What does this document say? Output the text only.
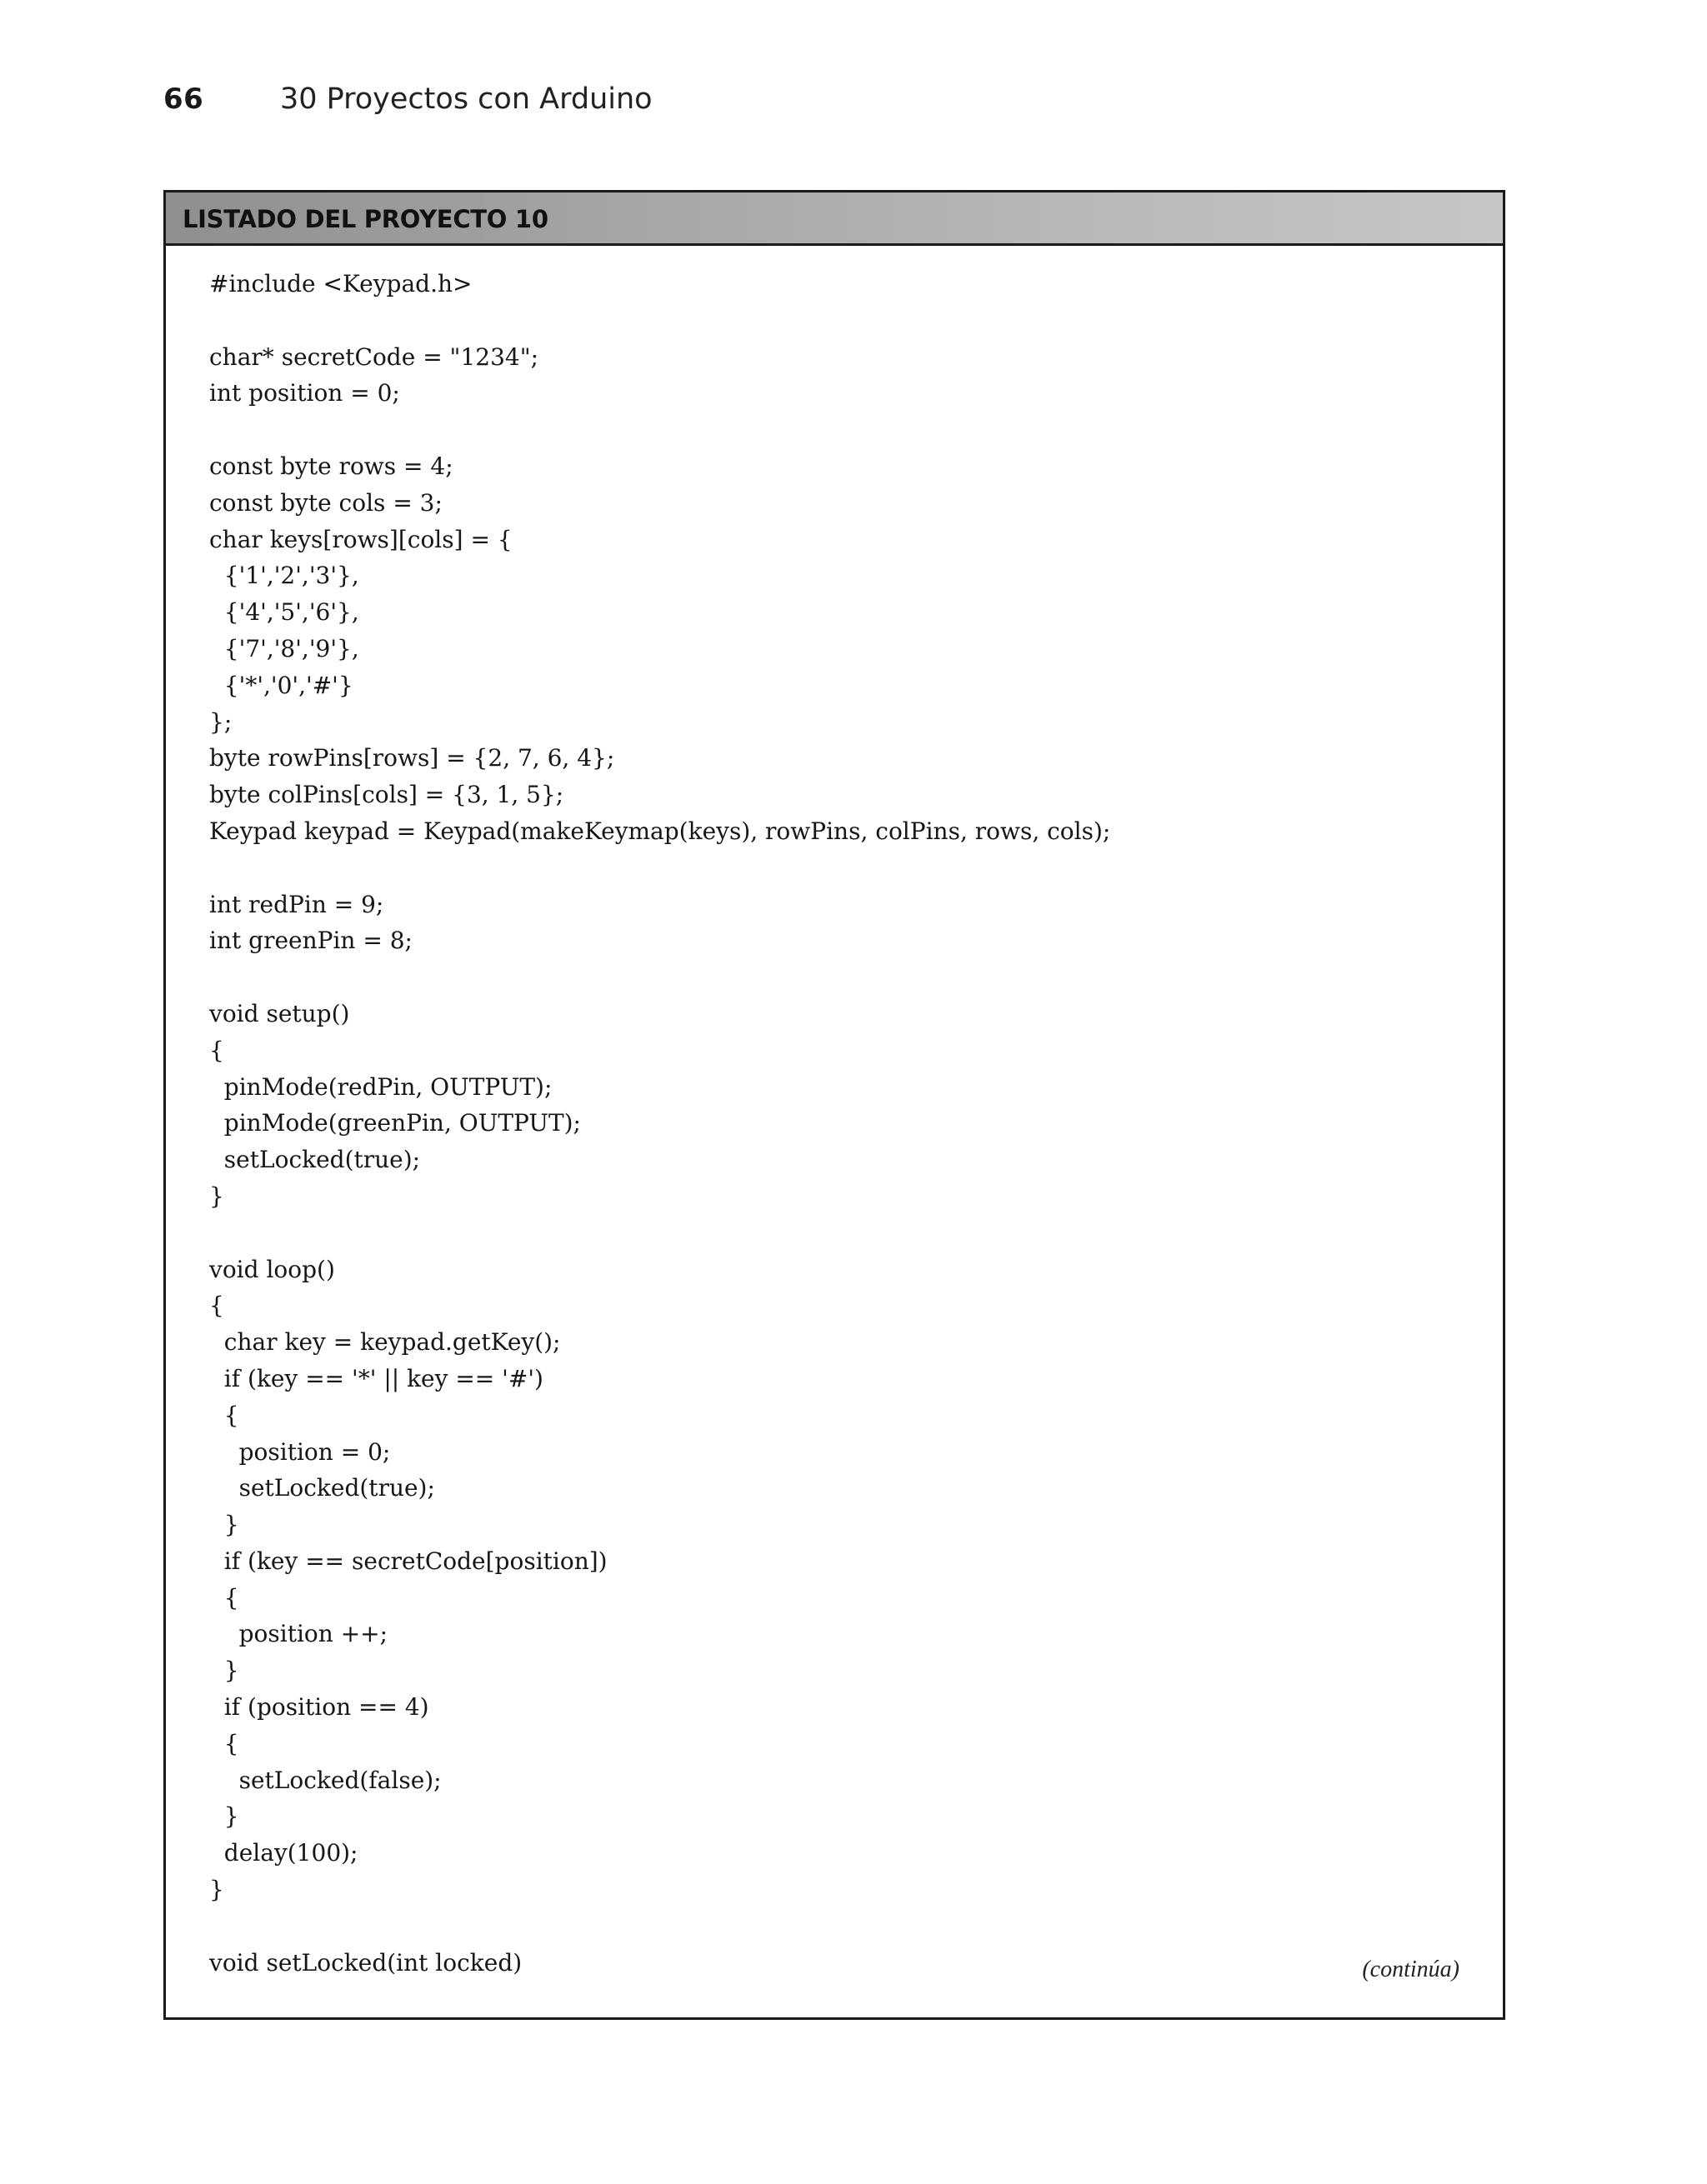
66	30 Proyectos con Arduino
LISTADO DEL PROYECTO 10
#include <Keypad.h>
char* secretCode = "1234";
int position = 0;
const byte rows = 4;
const byte cols = 3;
char keys[rows][cols] = {
{'1','2','3'},
{'4','5','6'},
{'7','8','9'},
{'*','0','#'}
};
byte rowPins[rows] = {2, 7, 6, 4};
byte colPins[cols] = {3, 1, 5};
Keypad keypad = Keypad(makeKeymap(keys), rowPins, colPins, rows, cols);
int redPin = 9;
int greenPin = 8;
void setup()
{
pinMode(redPin, OUTPUT);
pinMode(greenPin, OUTPUT);
setLocked(true);
}
void loop()
{
char key = keypad.getKey();
if (key == '*' || key == '#')
{
position = 0;
setLocked(true);
}
if (key == secretCode[position])
{
position ++;
}
if (position == 4)
{
setLocked(false);
}
delay(100);
}
void setLocked(int locked)	(continúa)
